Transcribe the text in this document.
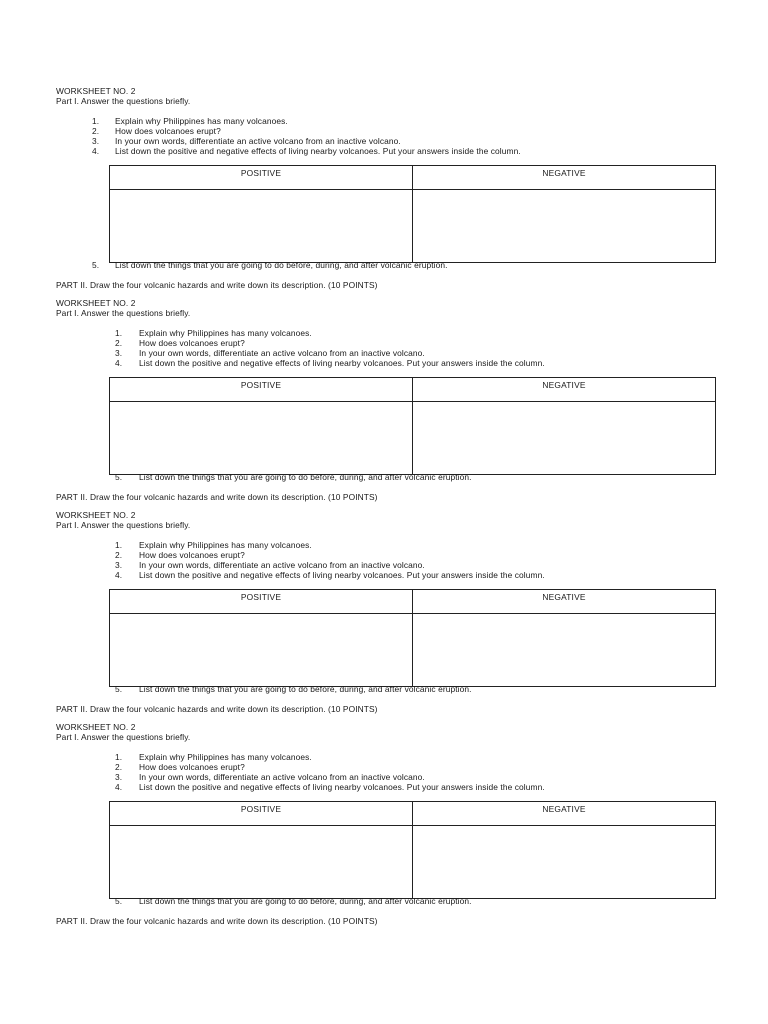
WORKSHEET NO. 2
Part I. Answer the questions briefly.
1.	Explain why Philippines has many volcanoes.
2.	How does volcanoes erupt?
3.	In your own words, differentiate an active volcano from an inactive volcano.
4.	List down the positive and negative effects of living nearby volcanoes. Put your answers inside the column.
POSITIVE	NEGATIVE

5.	List down the things that you are going to do before, during, and after volcanic eruption.
PART II. Draw the four volcanic hazards and write down its description. (10 POINTS)
WORKSHEET NO. 2
Part I. Answer the questions briefly.
1.	Explain why Philippines has many volcanoes.
2.	How does volcanoes erupt?
3.	In your own words, differentiate an active volcano from an inactive volcano.
4.	List down the positive and negative effects of living nearby volcanoes. Put your answers inside the column.
POSITIVE	NEGATIVE

5.	List down the things that you are going to do before, during, and after volcanic eruption.
PART II. Draw the four volcanic hazards and write down its description. (10 POINTS)
WORKSHEET NO. 2
Part I. Answer the questions briefly.
1.	Explain why Philippines has many volcanoes.
2.	How does volcanoes erupt?
3.	In your own words, differentiate an active volcano from an inactive volcano.
4.	List down the positive and negative effects of living nearby volcanoes. Put your answers inside the column.
POSITIVE	NEGATIVE

5.	List down the things that you are going to do before, during, and after volcanic eruption.
PART II. Draw the four volcanic hazards and write down its description. (10 POINTS)
WORKSHEET NO. 2
Part I. Answer the questions briefly.
1.	Explain why Philippines has many volcanoes.
2.	How does volcanoes erupt?
3.	In your own words, differentiate an active volcano from an inactive volcano.
4.	List down the positive and negative effects of living nearby volcanoes. Put your answers inside the column.
POSITIVE	NEGATIVE

5.	List down the things that you are going to do before, during, and after volcanic eruption.
PART II. Draw the four volcanic hazards and write down its description. (10 POINTS)
